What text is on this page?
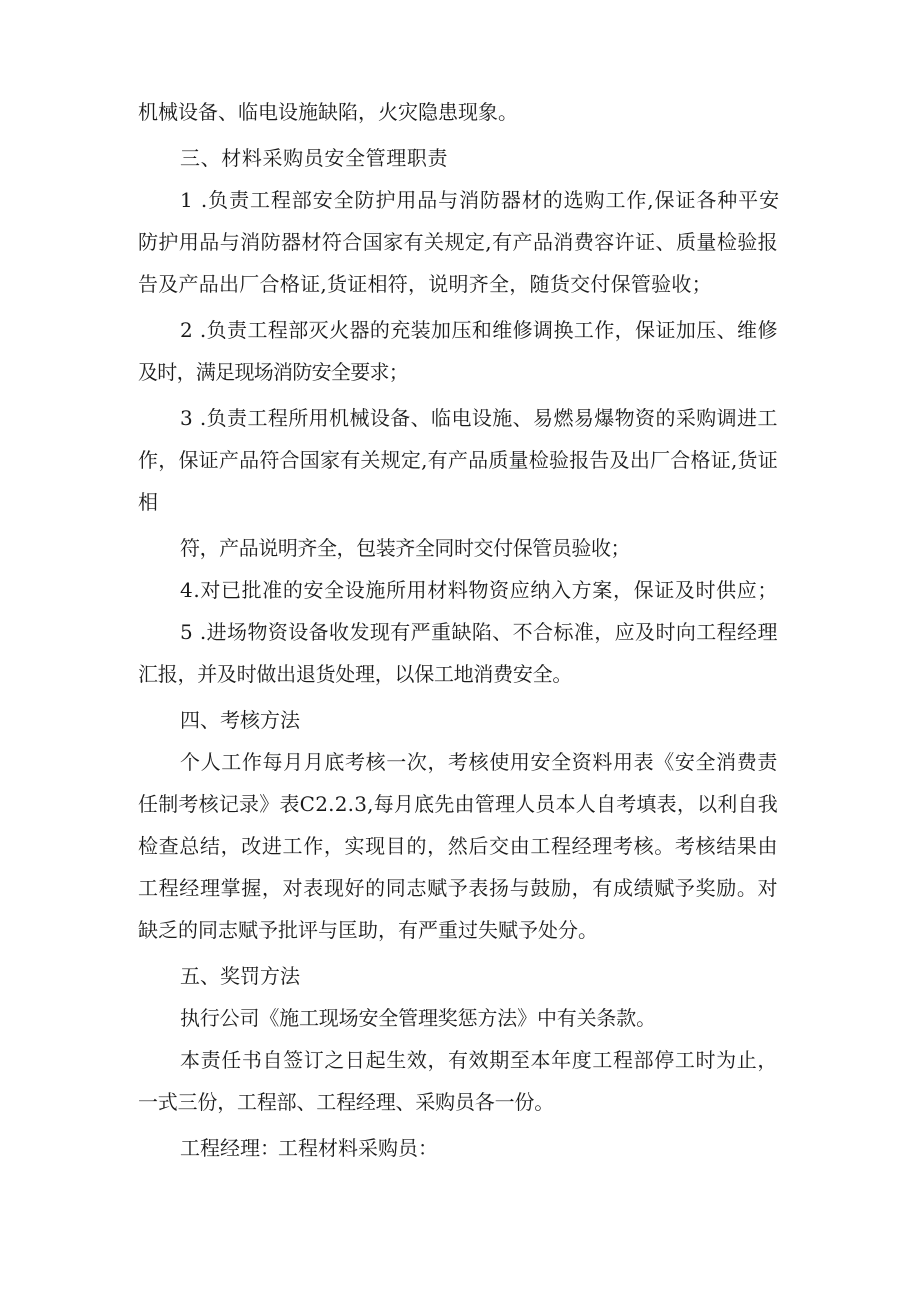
机械设备、临电设施缺陷，火灾隐患现象。

三、材料采购员安全管理职责

1 .负责工程部安全防护用品与消防器材的选购工作,保证各种平安

防护用品与消防器材符合国家有关规定,有产品消费容许证、质量检验报

告及产品出厂合格证,货证相符，说明齐全，随货交付保管验收；

2 .负责工程部灭火器的充装加压和维修调换工作，保证加压、维修

及时，满足现场消防安全要求；

3 .负责工程所用机械设备、临电设施、易燃易爆物资的采购调进工

作，保证产品符合国家有关规定,有产品质量检验报告及出厂合格证,货证

相

符，产品说明齐全，包装齐全同时交付保管员验收；

4.对已批准的安全设施所用材料物资应纳入方案，保证及时供应；

5 .进场物资设备收发现有严重缺陷、不合标准，应及时向工程经理

汇报，并及时做出退货处理，以保工地消费安全。

四、考核方法

个人工作每月月底考核一次，考核使用安全资料用表《安全消费责

任制考核记录》表C2.2.3,每月底先由管理人员本人自考填表，以利自我

检查总结，改进工作，实现目的，然后交由工程经理考核。考核结果由

工程经理掌握，对表现好的同志赋予表扬与鼓励，有成绩赋予奖励。对

缺乏的同志赋予批评与匡助，有严重过失赋予处分。

五、奖罚方法

执行公司《施工现场安全管理奖惩方法》中有关条款。

本责任书自签订之日起生效，有效期至本年度工程部停工时为止，

一式三份，工程部、工程经理、采购员各一份。

工程经理：
工程材料采购员：
